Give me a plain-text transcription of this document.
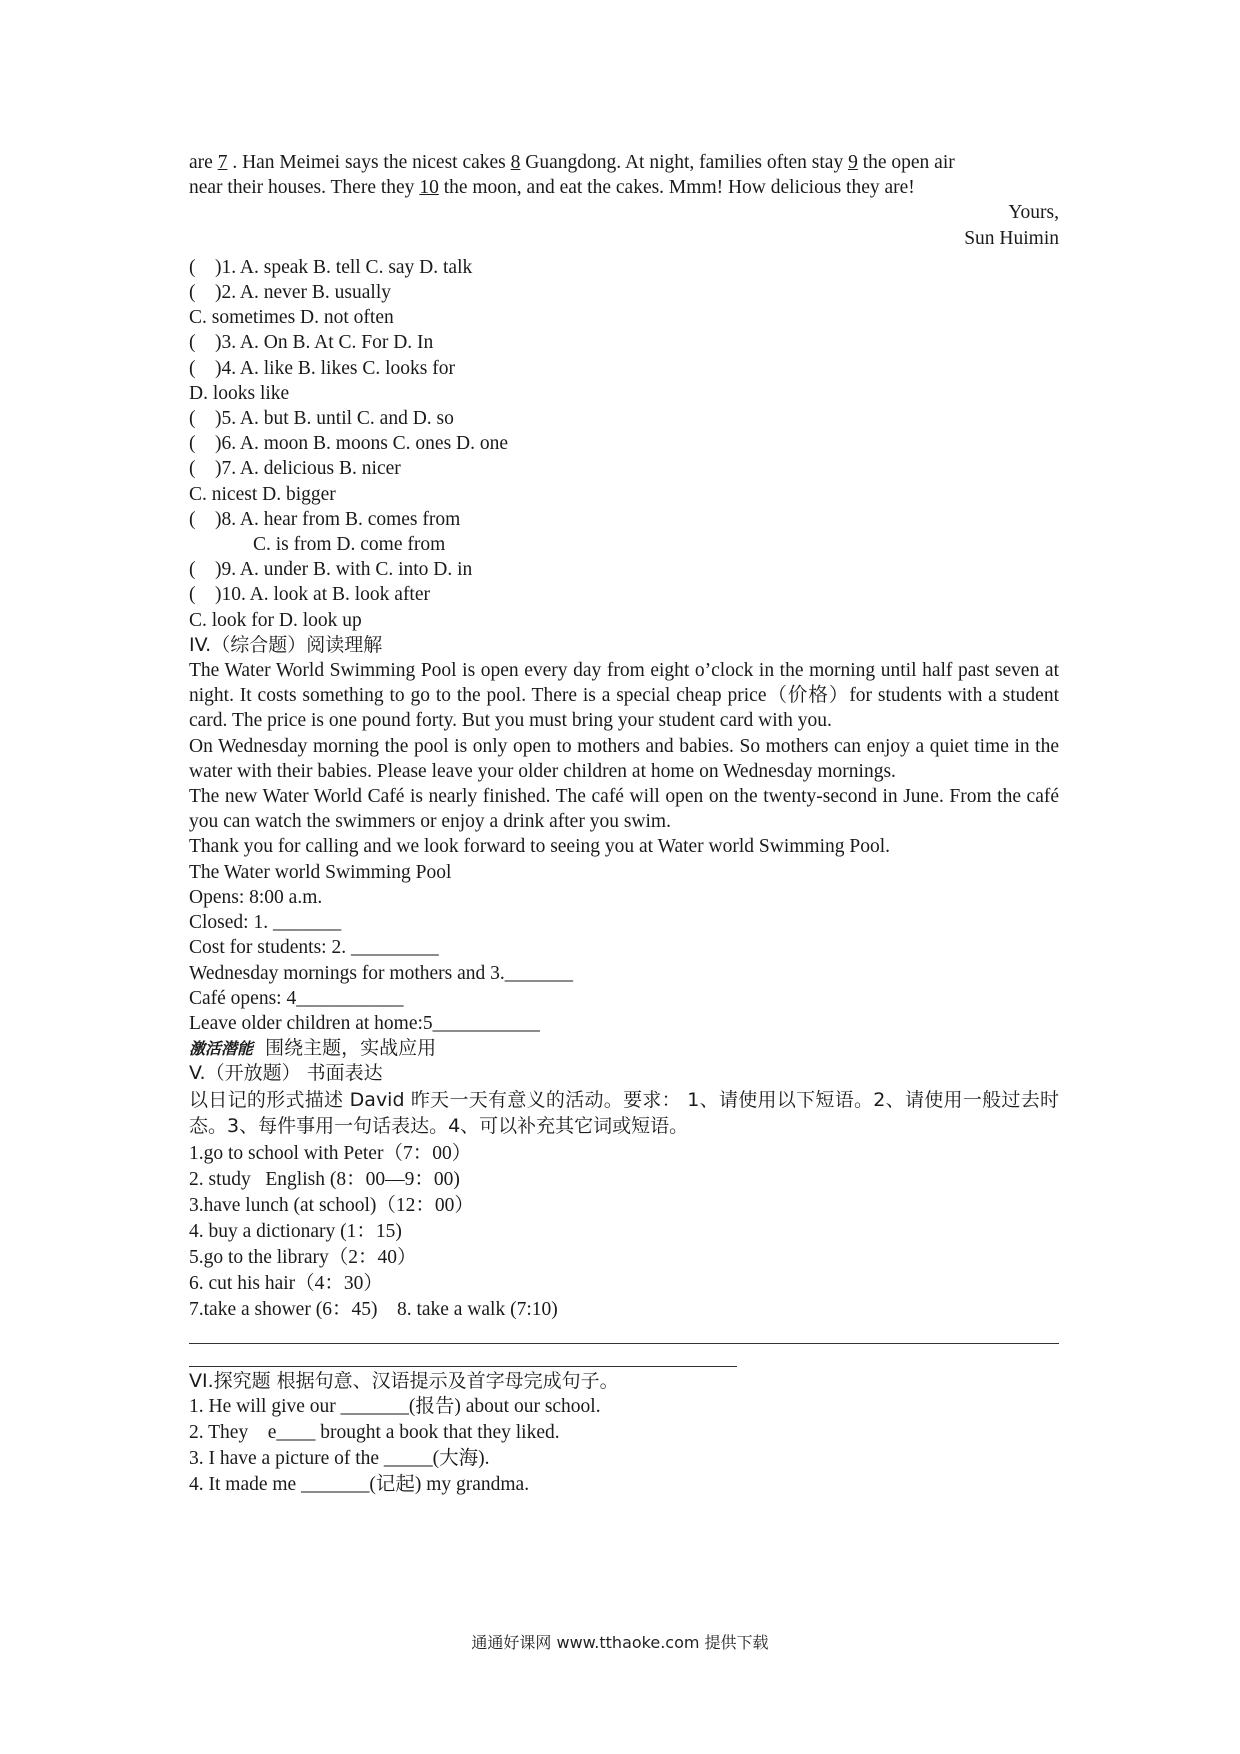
are 7 . Han Meimei says the nicest cakes 8 Guangdong. At night, families often stay 9 the open air
near their houses. There they 10 the moon, and eat the cakes. Mmm! How delicious they are!
Yours,
Sun Huimin
(    )1. A. speak B. tell C. say D. talk
(    )2. A. never B. usually
C. sometimes D. not often
(    )3. A. On B. At C. For D. In
(    )4. A. like B. likes C. looks for
D. looks like
(    )5. A. but B. until C. and D. so
(    )6. A. moon B. moons C. ones D. one
(    )7. A. delicious B. nicer
C. nicest D. bigger
(    )8. A. hear from B. comes from
C. is from D. come from
(    )9. A. under B. with C. into D. in
(    )10. A. look at B. look after
C. look for D. look up
IV.（综合题）阅读理解
The Water World Swimming Pool is open every day from eight o’clock in the morning until half past seven at night. It costs something to go to the pool. There is a special cheap price（价格）for students with a student card. The price is one pound forty. But you must bring your student card with you.
On Wednesday morning the pool is only open to mothers and babies. So mothers can enjoy a quiet time in the water with their babies. Please leave your older children at home on Wednesday mornings.
The new Water World Café is nearly finished. The café will open on the twenty-second in June. From the café you can watch the swimmers or enjoy a drink after you swim.
Thank you for calling and we look forward to seeing you at Water world Swimming Pool.
The Water world Swimming Pool
Opens: 8:00 a.m.
Closed: 1. _______
Cost for students: 2. _________
Wednesday mornings for mothers and 3._______
Café opens: 4___________
Leave older children at home:5___________
激活潜能 围绕主题，实战应用
V.（开放题） 书面表达
以日记的形式描述 David 昨天一天有意义的活动。要求： 1、请使用以下短语。2、请使用一般过去时态。3、每件事用一句话表达。4、可以补充其它词或短语。
1.go to school with Peter（7：00）
2. study   English (8：00—9：00)
3.have lunch (at school)（12：00）
4. buy a dictionary (1：15)
5.go to the library（2：40）
6. cut his hair（4：30）
7.take a shower (6：45)    8. take a walk (7:10)
VI.探究题 根据句意、汉语提示及首字母完成句子。
1. He will give our _______(报告) about our school.
2. They    e____ brought a book that they liked.
3. I have a picture of the _____(大海).
4. It made me _______(记起) my grandma.
通通好课网 www.tthaoke.com 提供下载
